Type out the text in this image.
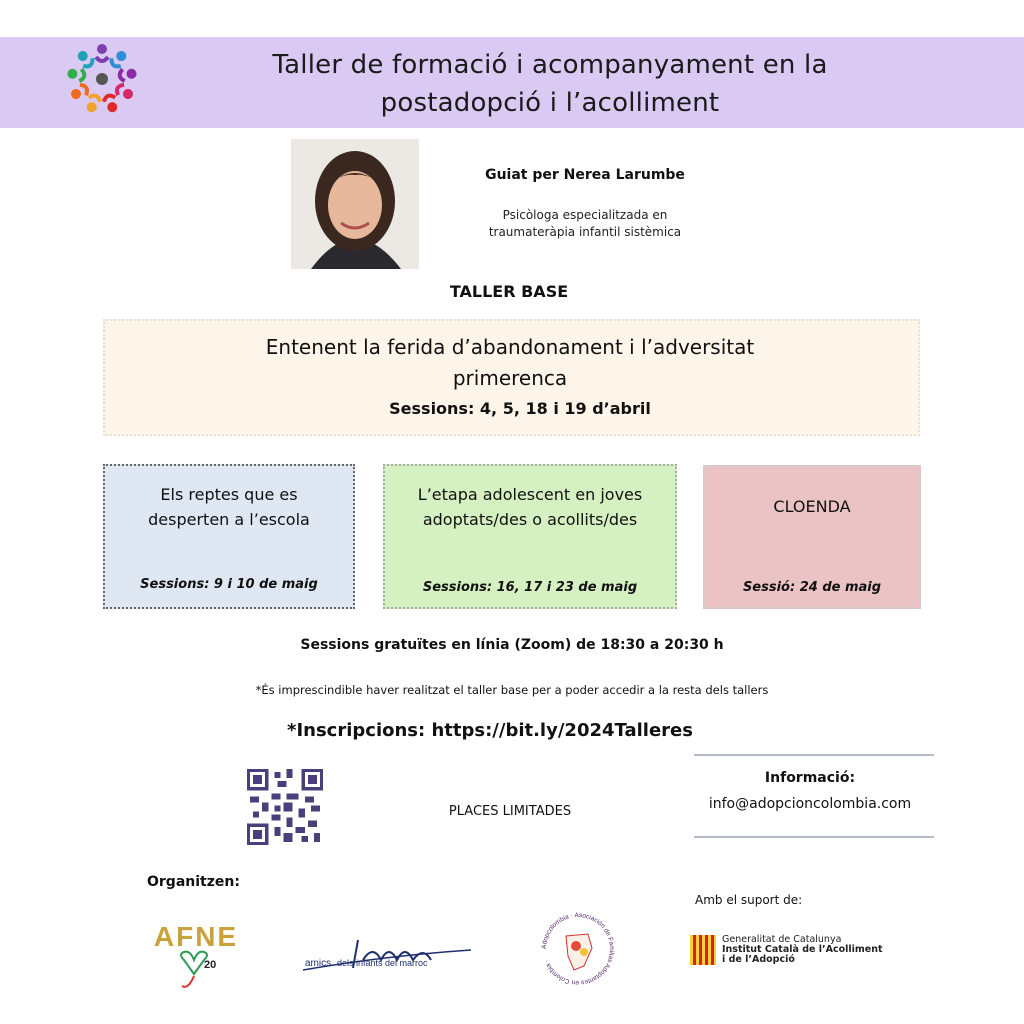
Taller de formació i acompanyament en la
postadopció i l’acolliment
Guiat per Nerea Larumbe
Psicòloga especialitzada en
traumateràpia infantil sistèmica
TALLER BASE
Entenent la ferida d’abandonament i l’adversitat
primerenca
Sessions: 4, 5, 18 i 19 d’abril
Els reptes que es
desperten a l’escola
Sessions: 9 i 10 de maig
L’etapa adolescent en joves
adoptats/des o acollits/des
Sessions: 16, 17 i 23 de maig
CLOENDA
Sessió: 24 de maig
Sessions gratuïtes en línia (Zoom) de 18:30 a 20:30 h
*És imprescindible haver realitzat el taller base per a poder accedir a la resta dels tallers
*Inscripcions: https://bit.ly/2024Talleres
PLACES LIMITADES
Informació:
info@adopcioncolombia.com
Organitzen:
Amb el suport de:
AFNE
20	amics dels infants del marroc
Adopcolombia · Asociación de Familias Adoptantes en Colombia ·
Generalitat de Catalunya
Institut Català de l’Acolliment
i de l’Adopció
